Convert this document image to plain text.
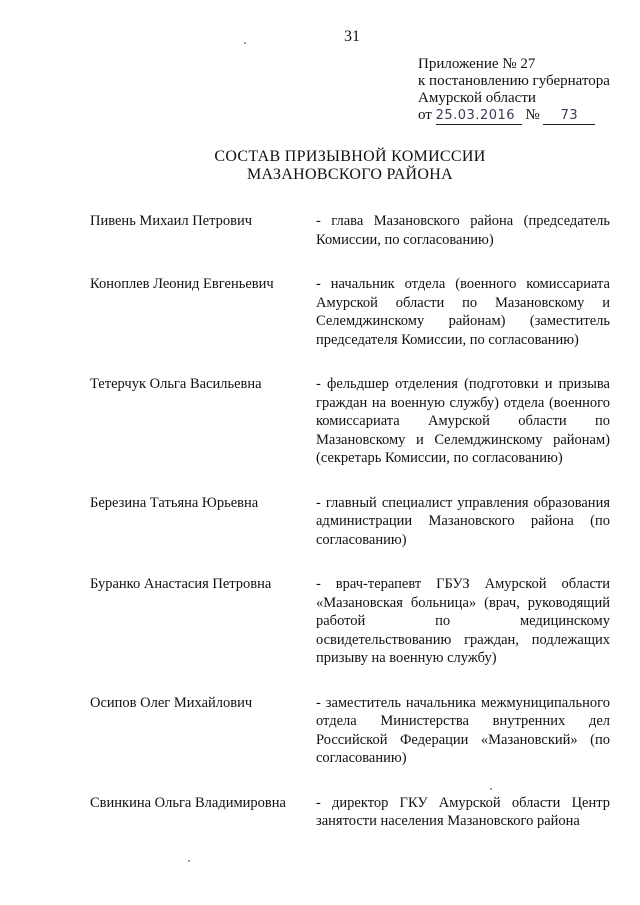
31
Приложение № 27
к постановлению губернатора
Амурской области
от 25.03.2016 № 73
СОСТАВ ПРИЗЫВНОЙ КОМИССИИ
МАЗАНОВСКОГО РАЙОНА
Пивень Михаил Петрович	- глава Мазановского района (председатель Комиссии, по согласованию)
Коноплев Леонид Евгеньевич	- начальник отдела (военного комиссариата Амурской области по Мазановскому и Селемджинскому районам) (заместитель председателя Комиссии, по согласованию)
Тетерчук Ольга Васильевна	- фельдшер отделения (подготовки и призыва граждан на военную службу) отдела (военного комиссариата Амурской области по Мазановскому и Селемджинскому районам) (секретарь Комиссии, по согласованию)
Березина Татьяна Юрьевна	- главный специалист управления образования администрации Мазановского района (по согласованию)
Буранко Анастасия Петровна	- врач-терапевт ГБУЗ Амурской области «Мазановская больница» (врач, руководящий работой по медицинскому освидетельствованию граждан, подлежащих призыву на военную службу)
Осипов Олег Михайлович	- заместитель начальника межмуниципального отдела Министерства внутренних дел Российской Федерации «Мазановский» (по согласованию)
Свинкина Ольга Владимировна	- директор ГКУ Амурской области Центр занятости населения Мазановского района
